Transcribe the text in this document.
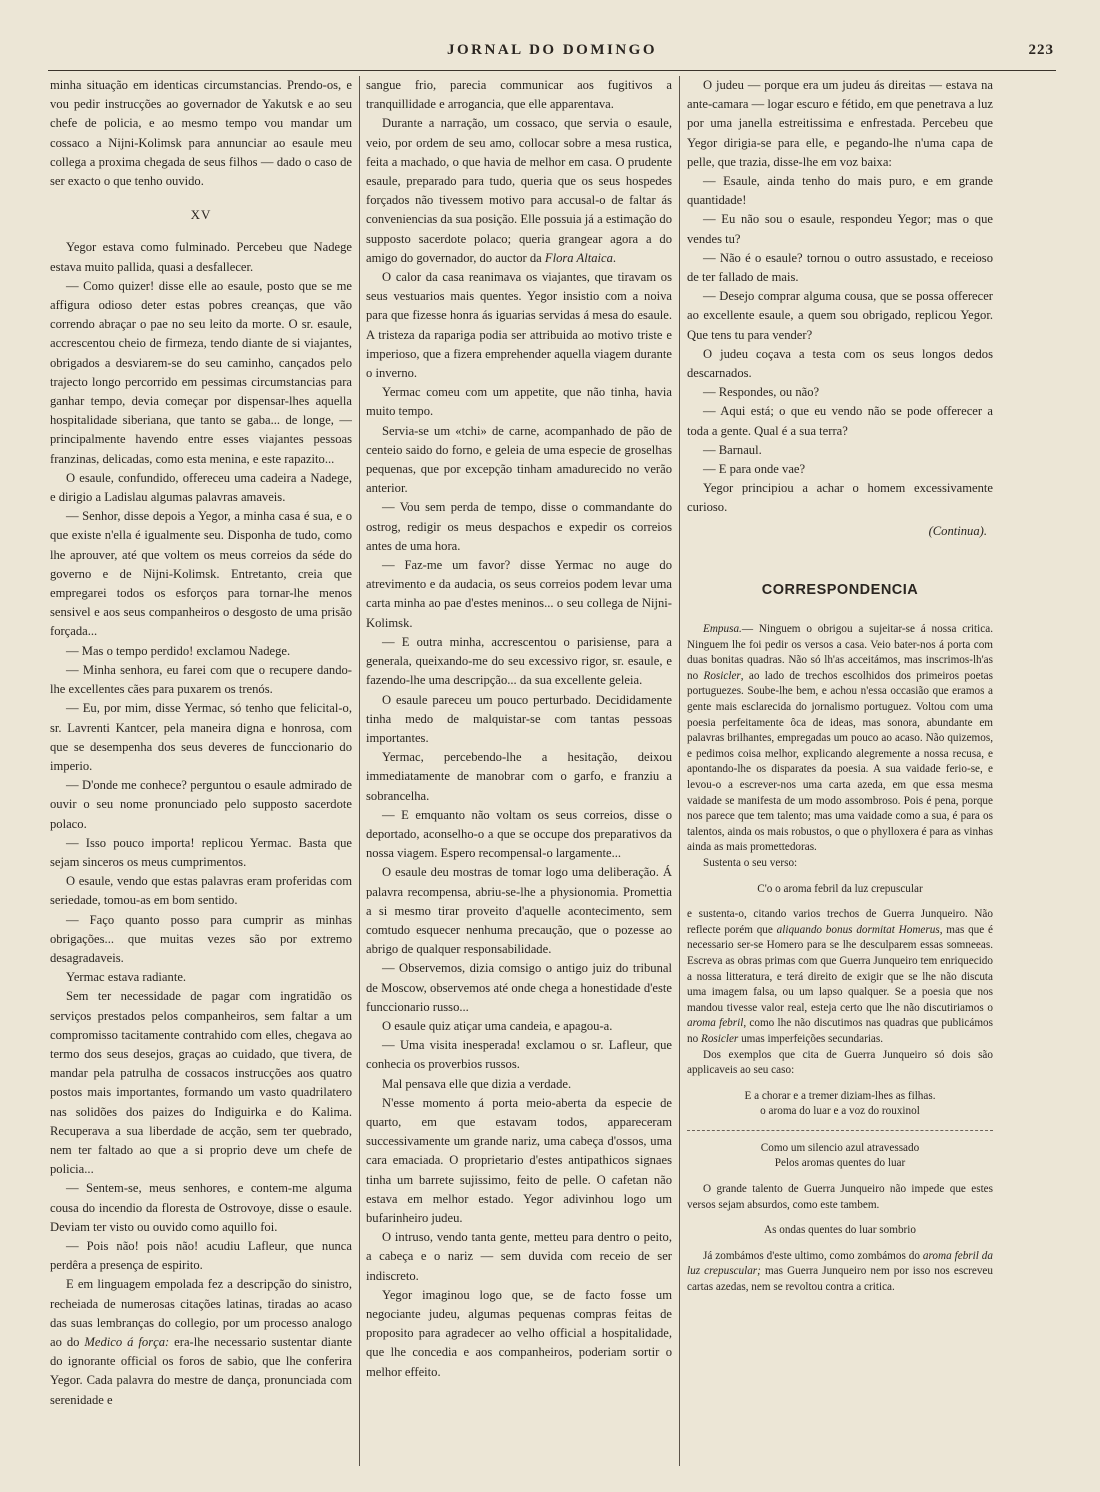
JORNAL DO DOMINGO	223

minha situação em identicas circumstancias. Prendo-os, e vou pedir instrucções ao governador de Yakutsk e ao seu chefe de policia, e ao mesmo tempo vou mandar um cossaco a Nijni-Kolimsk para annunciar ao esaule meu collega a proxima chegada de seus filhos — dado o caso de ser exacto o que tenho ouvido.

XV

Yegor estava como fulminado. Percebeu que Nadege estava muito pallida, quasi a desfallecer.

— Como quizer! disse elle ao esaule, posto que se me affigura odioso deter estas pobres creanças, que vão correndo abraçar o pae no seu leito da morte. O sr. esaule, accrescentou cheio de firmeza, tendo diante de si viajantes, obrigados a desviarem-se do seu caminho, cançados pelo trajecto longo percorrido em pessimas circumstancias para ganhar tempo, devia começar por dispensar-lhes aquella hospitalidade siberiana, que tanto se gaba... de longe, — principalmente havendo entre esses viajantes pessoas franzinas, delicadas, como esta menina, e este rapazito...

O esaule, confundido, offereceu uma cadeira a Nadege, e dirigio a Ladislau algumas palavras amaveis.

— Senhor, disse depois a Yegor, a minha casa é sua, e o que existe n'ella é igualmente seu. Disponha de tudo, como lhe aprouver, até que voltem os meus correios da séde do governo e de Nijni-Kolimsk. Entretanto, creia que empregarei todos os esforços para tornar-lhe menos sensivel e aos seus companheiros o desgosto de uma prisão forçada...

— Mas o tempo perdido! exclamou Nadege.

— Minha senhora, eu farei com que o recupere dando-lhe excellentes cães para puxarem os trenós.

— Eu, por mim, disse Yermac, só tenho que felicital-o, sr. Lavrenti Kantcer, pela maneira digna e honrosa, com que se desempenha dos seus deveres de funccionario do imperio.

— D'onde me conhece? perguntou o esaule admirado de ouvir o seu nome pronunciado pelo supposto sacerdote polaco.

— Isso pouco importa! replicou Yermac. Basta que sejam sinceros os meus cumprimentos.

O esaule, vendo que estas palavras eram proferidas com seriedade, tomou-as em bom sentido.

— Faço quanto posso para cumprir as minhas obrigações... que muitas vezes são por extremo desagradaveis.

Yermac estava radiante.

Sem ter necessidade de pagar com ingratidão os serviços prestados pelos companheiros, sem faltar a um compromisso tacitamente contrahido com elles, chegava ao termo dos seus desejos, graças ao cuidado, que tivera, de mandar pela patrulha de cossacos instrucções aos quatro postos mais importantes, formando um vasto quadrilatero nas solidões dos paizes do Indiguirka e do Kalima. Recuperava a sua liberdade de acção, sem ter quebrado, nem ter faltado ao que a si proprio deve um chefe de policia...

— Sentem-se, meus senhores, e contem-me alguma cousa do incendio da floresta de Ostrovoye, disse o esaule. Deviam ter visto ou ouvido como aquillo foi.

— Pois não! pois não! acudiu Lafleur, que nunca perdêra a presença de espirito.

E em linguagem empolada fez a descripção do sinistro, recheiada de numerosas citações latinas, tiradas ao acaso das suas lembranças do collegio, por um processo analogo ao do Medico á força: era-lhe necessario sustentar diante do ignorante official os foros de sabio, que lhe conferira Yegor. Cada palavra do mestre de dança, pronunciada com serenidade e

sangue frio, parecia communicar aos fugitivos a tranquillidade e arrogancia, que elle apparentava.

Durante a narração, um cossaco, que servia o esaule, veio, por ordem de seu amo, collocar sobre a mesa rustica, feita a machado, o que havia de melhor em casa. O prudente esaule, preparado para tudo, queria que os seus hospedes forçados não tivessem motivo para accusal-o de faltar ás conveniencias da sua posição. Elle possuia já a estimação do supposto sacerdote polaco; queria grangear agora a do amigo do governador, do auctor da Flora Altaica.

O calor da casa reanimava os viajantes, que tiravam os seus vestuarios mais quentes. Yegor insistio com a noiva para que fizesse honra ás iguarias servidas á mesa do esaule. A tristeza da rapariga podia ser attribuida ao motivo triste e imperioso, que a fizera emprehender aquella viagem durante o inverno.

Yermac comeu com um appetite, que não tinha, havia muito tempo.

Servia-se um «tchi» de carne, acompanhado de pão de centeio saido do forno, e geleia de uma especie de groselhas pequenas, que por excepção tinham amadurecido no verão anterior.

— Vou sem perda de tempo, disse o commandante do ostrog, redigir os meus despachos e expedir os correios antes de uma hora.

— Faz-me um favor? disse Yermac no auge do atrevimento e da audacia, os seus correios podem levar uma carta minha ao pae d'estes meninos... o seu collega de Nijni-Kolimsk.

— E outra minha, accrescentou o parisiense, para a generala, queixando-me do seu excessivo rigor, sr. esaule, e fazendo-lhe uma descripção... da sua excellente geleia.

O esaule pareceu um pouco perturbado. Decididamente tinha medo de malquistar-se com tantas pessoas importantes.

Yermac, percebendo-lhe a hesitação, deixou immediatamente de manobrar com o garfo, e franziu a sobrancelha.

— E emquanto não voltam os seus correios, disse o deportado, aconselho-o a que se occupe dos preparativos da nossa viagem. Espero recompensal-o largamente...

O esaule deu mostras de tomar logo uma deliberação. Á palavra recompensa, abriu-se-lhe a physionomia. Promettia a si mesmo tirar proveito d'aquelle acontecimento, sem comtudo esquecer nenhuma precaução, que o pozesse ao abrigo de qualquer responsabilidade.

— Observemos, dizia comsigo o antigo juiz do tribunal de Moscow, observemos até onde chega a honestidade d'este funccionario russo...

O esaule quiz atiçar uma candeia, e apagou-a.

— Uma visita inesperada! exclamou o sr. Lafleur, que conhecia os proverbios russos.

Mal pensava elle que dizia a verdade.

N'esse momento á porta meio-aberta da especie de quarto, em que estavam todos, appareceram successivamente um grande nariz, uma cabeça d'ossos, uma cara emaciada. O proprietario d'estes antipathicos signaes tinha um barrete sujissimo, feito de pelle. O cafetan não estava em melhor estado. Yegor adivinhou logo um bufarinheiro judeu.

O intruso, vendo tanta gente, metteu para dentro o peito, a cabeça e o nariz — sem duvida com receio de ser indiscreto.

Yegor imaginou logo que, se de facto fosse um negociante judeu, algumas pequenas compras feitas de proposito para agradecer ao velho official a hospitalidade, que lhe concedia e aos companheiros, poderiam sortir o melhor effeito.

O judeu — porque era um judeu ás direitas — estava na ante-camara — logar escuro e fétido, em que penetrava a luz por uma janella estreitissima e enfrestada. Percebeu que Yegor dirigia-se para elle, e pegando-lhe n'uma capa de pelle, que trazia, disse-lhe em voz baixa:

— Esaule, ainda tenho do mais puro, e em grande quantidade!

— Eu não sou o esaule, respondeu Yegor; mas o que vendes tu?

— Não é o esaule? tornou o outro assustado, e receioso de ter fallado de mais.

— Desejo comprar alguma cousa, que se possa offerecer ao excellente esaule, a quem sou obrigado, replicou Yegor. Que tens tu para vender?

O judeu coçava a testa com os seus longos dedos descarnados.

— Respondes, ou não?

— Aqui está; o que eu vendo não se pode offerecer a toda a gente. Qual é a sua terra?

— Barnaul.

— E para onde vae?

Yegor principiou a achar o homem excessivamente curioso.

(Continua).
CORRESPONDENCIA

Empusa.— Ninguem o obrigou a sujeitar-se á nossa critica. Ninguem lhe foi pedir os versos a casa. Veio bater-nos á porta com duas bonitas quadras. Não só lh'as acceitámos, mas inscrimos-lh'as no Rosicler, ao lado de trechos escolhidos dos primeiros poetas portuguezes. Soube-lhe bem, e achou n'essa occasião que eramos a gente mais esclarecida do jornalismo portuguez. Voltou com uma poesia perfeitamente ôca de ideas, mas sonora, abundante em palavras brilhantes, empregadas um pouco ao acaso. Não quizemos, e pedimos coisa melhor, explicando alegremente a nossa recusa, e apontando-lhe os disparates da poesia. A sua vaidade ferio-se, e levou-o a escrever-nos uma carta azeda, em que essa mesma vaidade se manifesta de um modo assombroso. Pois é pena, porque nos parece que tem talento; mas uma vaidade como a sua, é para os talentos, ainda os mais robustos, o que o phylloxera é para as vinhas ainda as mais promettedoras.

Sustenta o seu verso:

C'o o aroma febril da luz crepuscular

e sustenta-o, citando varios trechos de Guerra Junqueiro. Não reflecte porém que aliquando bonus dormitat Homerus, mas que é necessario ser-se Homero para se lhe desculparem essas somneeas. Escreva as obras primas com que Guerra Junqueiro tem enriquecido a nossa litteratura, e terá direito de exigir que se lhe não discuta uma imagem falsa, ou um lapso qualquer. Se a poesia que nos mandou tivesse valor real, esteja certo que lhe não discutiriamos o aroma febril, como lhe não discutimos nas quadras que publicámos no Rosicler umas imperfeições secundarias.

Dos exemplos que cita de Guerra Junqueiro só dois são applicaveis ao seu caso:

E a chorar e a tremer diziam-lhes as filhas.
o aroma do luar e a voz do rouxinol
Como um silencio azul atravessado
Pelos aromas quentes do luar

O grande talento de Guerra Junqueiro não impede que estes versos sejam absurdos, como este tambem.

As ondas quentes do luar sombrio

Já zombámos d'este ultimo, como zombámos do aroma febril da luz crepuscular; mas Guerra Junqueiro nem por isso nos escreveu cartas azedas, nem se revoltou contra a critica.
